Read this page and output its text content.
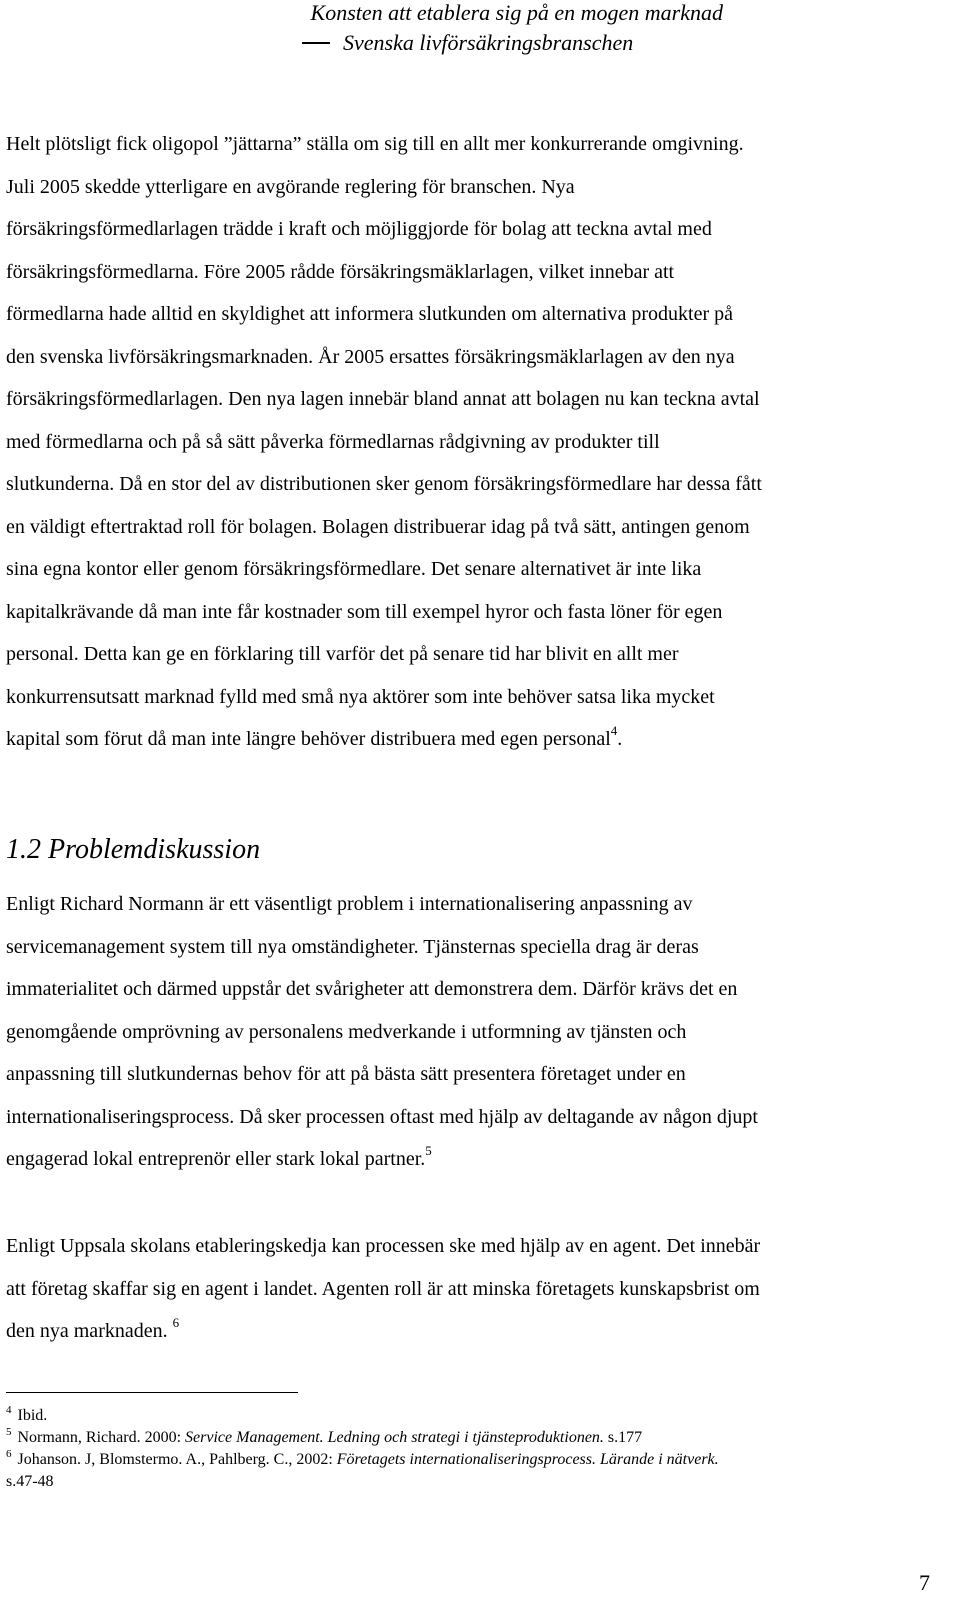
Konsten att etablera sig på en mogen marknad
Svenska livförsäkringsbranschen
Helt plötsligt fick oligopol ”jättarna” ställa om sig till en allt mer konkurrerande omgivning.
Juli 2005 skedde ytterligare en avgörande reglering för branschen. Nya
försäkringsförmedlarlagen trädde i kraft och möjliggjorde för bolag att teckna avtal med
försäkringsförmedlarna. Före 2005 rådde försäkringsmäklarlagen, vilket innebar att
förmedlarna hade alltid en skyldighet att informera slutkunden om alternativa produkter på
den svenska livförsäkringsmarknaden. År 2005 ersattes försäkringsmäklarlagen av den nya
försäkringsförmedlarlagen. Den nya lagen innebär bland annat att bolagen nu kan teckna avtal
med förmedlarna och på så sätt påverka förmedlarnas rådgivning av produkter till
slutkunderna. Då en stor del av distributionen sker genom försäkringsförmedlare har dessa fått
en väldigt eftertraktad roll för bolagen. Bolagen distribuerar idag på två sätt, antingen genom
sina egna kontor eller genom försäkringsförmedlare. Det senare alternativet är inte lika
kapitalkrävande då man inte får kostnader som till exempel hyror och fasta löner för egen
personal. Detta kan ge en förklaring till varför det på senare tid har blivit en allt mer
konkurrensutsatt marknad fylld med små nya aktörer som inte behöver satsa lika mycket
kapital som förut då man inte längre behöver distribuera med egen personal$^4$.
1.2 Problemdiskussion
Enligt Richard Normann är ett väsentligt problem i internationalisering anpassning av
servicemanagement system till nya omständigheter. Tjänsternas speciella drag är deras
immaterialitet och därmed uppstår det svårigheter att demonstrera dem. Därför krävs det en
genomgående omprövning av personalens medverkande i utformning av tjänsten och
anpassning till slutkundernas behov för att på bästa sätt presentera företaget under en
internationaliseringsprocess. Då sker processen oftast med hjälp av deltagande av någon djupt
engagerad lokal entreprenör eller stark lokal partner.$^5$
Enligt Uppsala skolans etableringskedja kan processen ske med hjälp av en agent. Det innebär
att företag skaffar sig en agent i landet. Agenten roll är att minska företagets kunskapsbrist om
den nya marknaden. $^6$
$^4$ Ibid.
$^5$ Normann, Richard. 2000: Service Management. Ledning och strategi i tjänsteproduktionen. s.177
$^6$ Johanson. J, Blomstermo. A., Pahlberg. C., 2002: Företagets internationaliseringsprocess. Lärande i nätverk.
s.47-48
7
